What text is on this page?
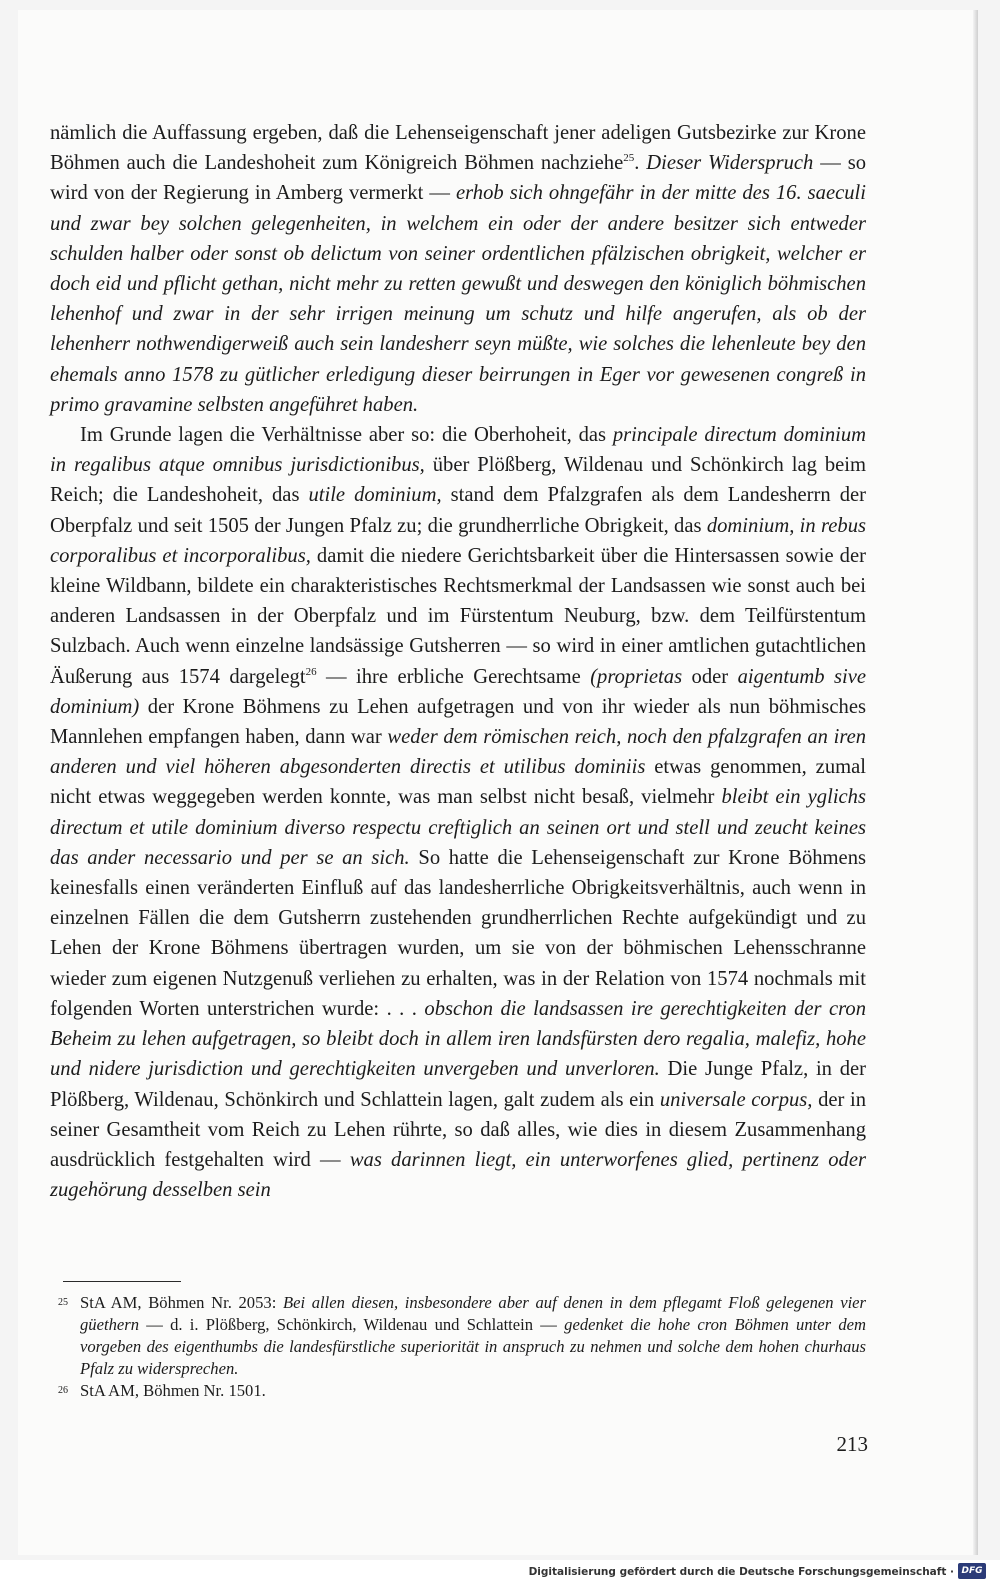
nämlich die Auffassung ergeben, daß die Lehenseigenschaft jener adeligen Gutsbezirke zur Krone Böhmen auch die Landeshoheit zum Königreich Böhmen nachziehe$^{25}$. Dieser Widerspruch — so wird von der Regierung in Amberg vermerkt — erhob sich ohngefähr in der mitte des 16. saeculi und zwar bey solchen gelegenheiten, in welchem ein oder der andere besitzer sich entweder schulden halber oder sonst ob delictum von seiner ordentlichen pfälzischen obrigkeit, welcher er doch eid und pflicht gethan, nicht mehr zu retten gewußt und deswegen den königlich böhmischen lehenhof und zwar in der sehr irrigen meinung um schutz und hilfe angerufen, als ob der lehenherr nothwendigerweiß auch sein landesherr seyn müßte, wie solches die lehenleute bey den ehemals anno 1578 zu gütlicher erledigung dieser beirrungen in Eger vor gewesenen congreß in primo gravamine selbsten angeführet haben.

Im Grunde lagen die Verhältnisse aber so: die Oberhoheit, das principale directum dominium in regalibus atque omnibus jurisdictionibus, über Plößberg, Wildenau und Schönkirch lag beim Reich; die Landeshoheit, das utile dominium, stand dem Pfalzgrafen als dem Landesherrn der Oberpfalz und seit 1505 der Jungen Pfalz zu; die grundherrliche Obrigkeit, das dominium, in rebus corporalibus et incorporalibus, damit die niedere Gerichtsbarkeit über die Hintersassen sowie der kleine Wildbann, bildete ein charakteristisches Rechtsmerkmal der Landsassen wie sonst auch bei anderen Landsassen in der Oberpfalz und im Fürstentum Neuburg, bzw. dem Teilfürstentum Sulzbach. Auch wenn einzelne landsässige Gutsherren — so wird in einer amtlichen gutachtlichen Äußerung aus 1574 dargelegt$^{26}$ — ihre erbliche Gerechtsame (proprietas oder aigentumb sive dominium) der Krone Böhmens zu Lehen aufgetragen und von ihr wieder als nun böhmisches Mannlehen empfangen haben, dann war weder dem römischen reich, noch den pfalzgrafen an iren anderen und viel höheren abgesonderten directis et utilibus dominiis etwas genommen, zumal nicht etwas weggegeben werden konnte, was man selbst nicht besaß, vielmehr bleibt ein yglichs directum et utile dominium diverso respectu creftiglich an seinen ort und stell und zeucht keines das ander necessario und per se an sich. So hatte die Lehenseigenschaft zur Krone Böhmens keinesfalls einen veränderten Einfluß auf das landesherrliche Obrigkeitsverhältnis, auch wenn in einzelnen Fällen die dem Gutsherrn zustehenden grundherrlichen Rechte aufgekündigt und zu Lehen der Krone Böhmens übertragen wurden, um sie von der böhmischen Lehensschranne wieder zum eigenen Nutzgenuß verliehen zu erhalten, was in der Relation von 1574 nochmals mit folgenden Worten unterstrichen wurde: . . . obschon die landsassen ire gerechtigkeiten der cron Beheim zu lehen aufgetragen, so bleibt doch in allem iren landsfürsten dero regalia, malefiz, hohe und nidere jurisdiction und gerechtigkeiten unvergeben und unverloren. Die Junge Pfalz, in der Plößberg, Wildenau, Schönkirch und Schlattein lagen, galt zudem als ein universale corpus, der in seiner Gesamtheit vom Reich zu Lehen rührte, so daß alles, wie dies in diesem Zusammenhang ausdrücklich festgehalten wird — was darinnen liegt, ein unterworfenes glied, pertinenz oder zugehörung desselben sein

25 StA AM, Böhmen Nr. 2053: Bei allen diesen, insbesondere aber auf denen in dem pflegamt Floß gelegenen vier güethern — d. i. Plößberg, Schönkirch, Wildenau und Schlattein — gedenket die hohe cron Böhmen unter dem vorgeben des eigenthumbs die landesfürstliche superiorität in anspruch zu nehmen und solche dem hohen churhaus Pfalz zu widersprechen.

26 StA AM, Böhmen Nr. 1501.

213
Digitalisierung gefördert durch die Deutsche Forschungsgemeinschaft · DFG
